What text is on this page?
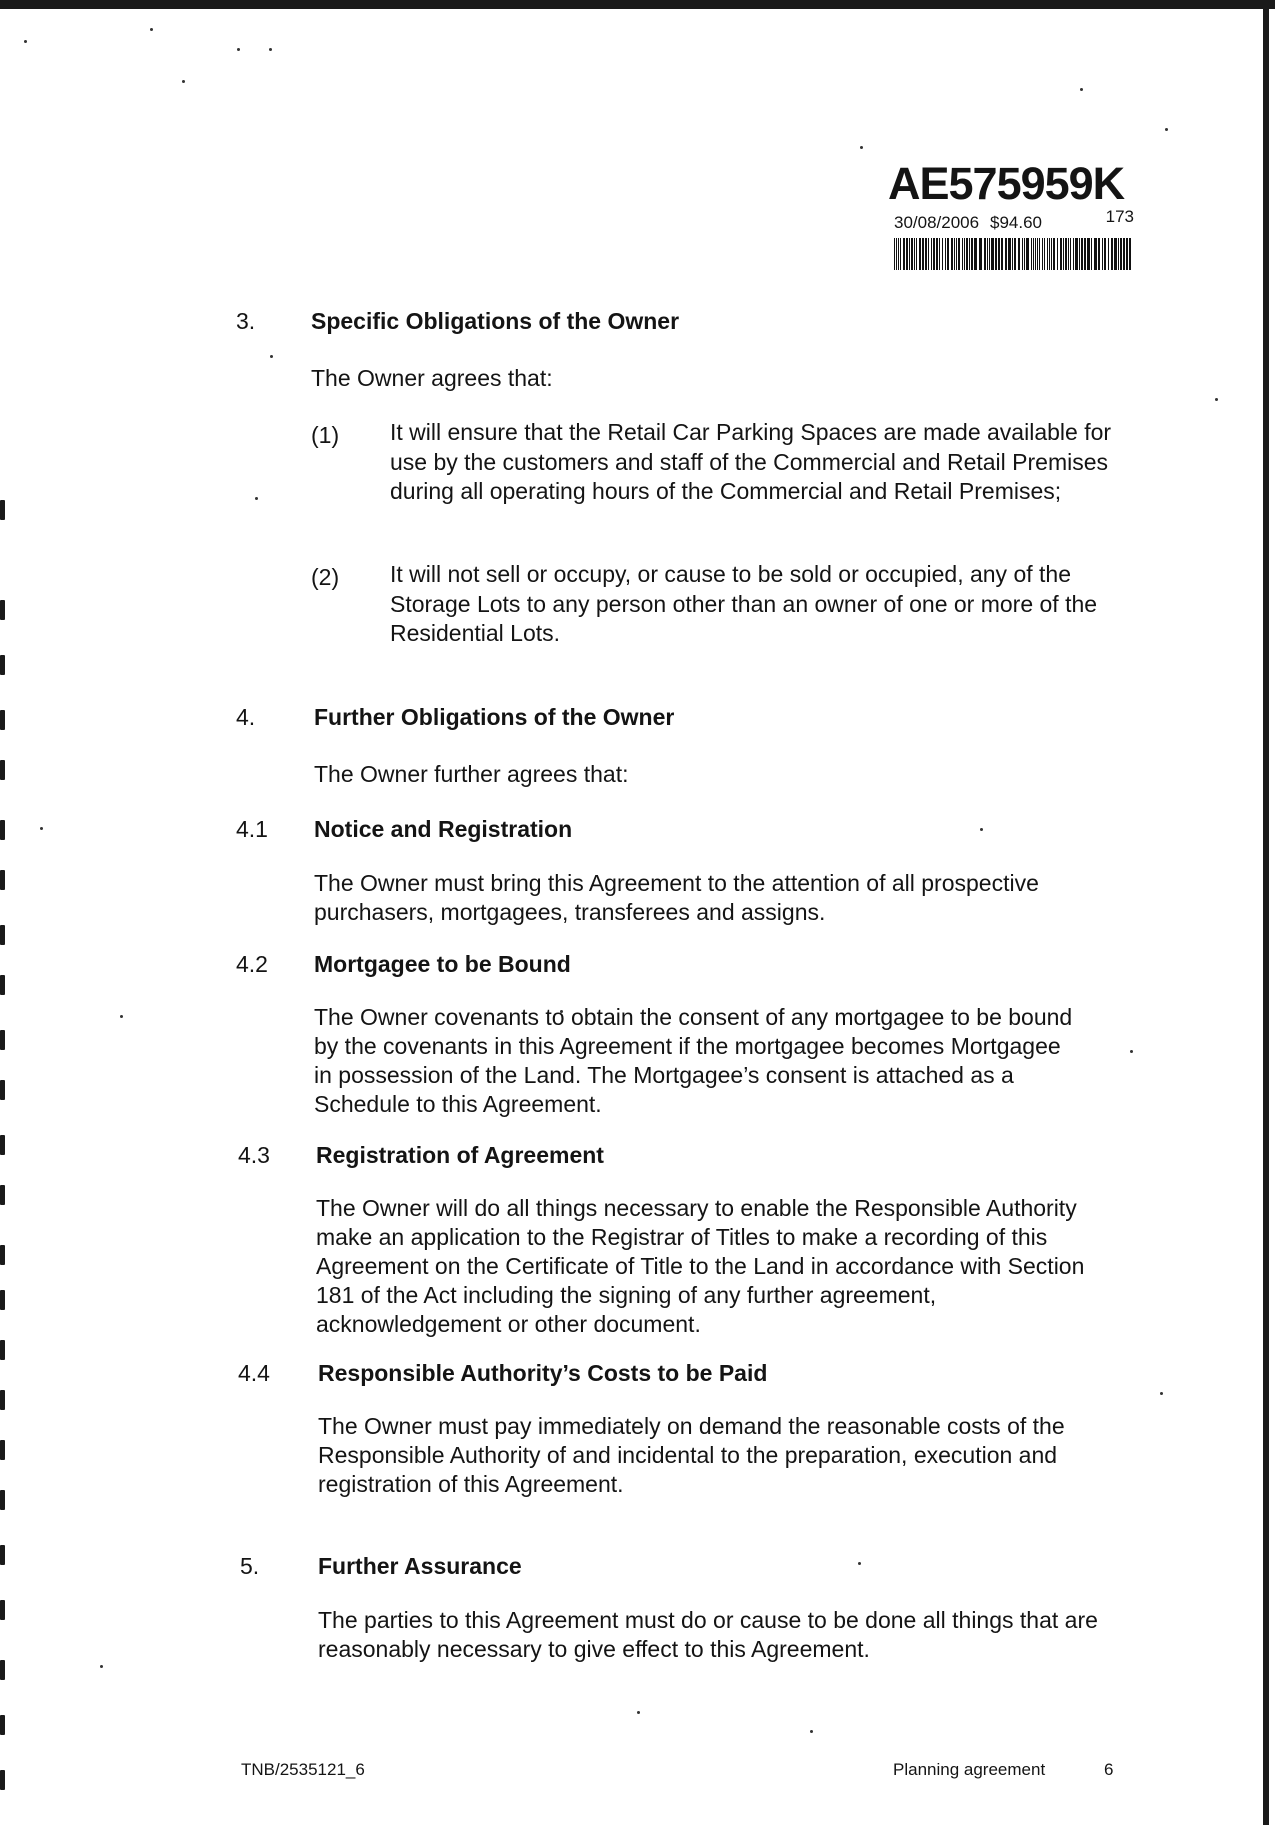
AE575959K
30/08/2006 $94.60	173
3. Specific Obligations of the Owner
The Owner agrees that:
(1) It will ensure that the Retail Car Parking Spaces are made available for use by the customers and staff of the Commercial and Retail Premises during all operating hours of the Commercial and Retail Premises;
(2) It will not sell or occupy, or cause to be sold or occupied, any of the Storage Lots to any person other than an owner of one or more of the Residential Lots.
4.	Further Obligations of the Owner
The Owner further agrees that:
4.1 Notice and Registration
The Owner must bring this Agreement to the attention of all prospective purchasers, mortgagees, transferees and assigns.
4.2 Mortgagee to be Bound
The Owner covenants to obtain the consent of any mortgagee to be bound by the covenants in this Agreement if the mortgagee becomes Mortgagee in possession of the Land. The Mortgagee’s consent is attached as a Schedule to this Agreement.
4.3 Registration of Agreement
The Owner will do all things necessary to enable the Responsible Authority make an application to the Registrar of Titles to make a recording of this Agreement on the Certificate of Title to the Land in accordance with Section 181 of the Act including the signing of any further agreement, acknowledgement or other document.
4.4 Responsible Authority’s Costs to be Paid
The Owner must pay immediately on demand the reasonable costs of the Responsible Authority of and incidental to the preparation, execution and registration of this Agreement.
5.	Further Assurance
The parties to this Agreement must do or cause to be done all things that are reasonably necessary to give effect to this Agreement.
TNB/2535121_6	Planning agreement	6
